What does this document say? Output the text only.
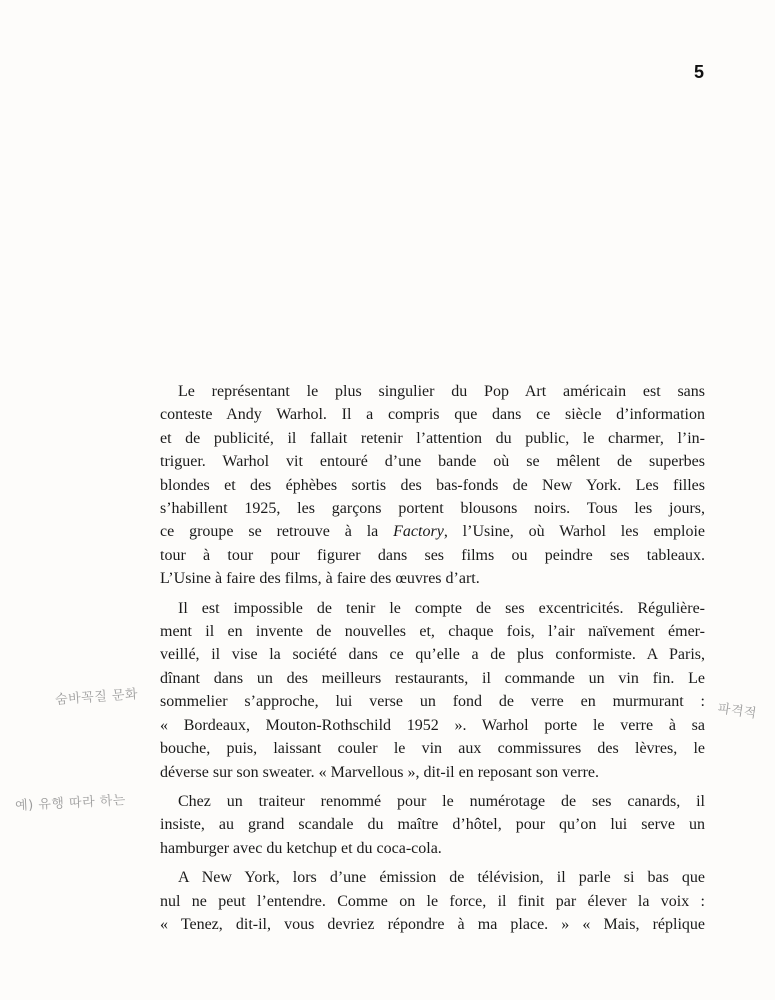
5
Le représentant le plus singulier du Pop Art américain est sans
conteste Andy Warhol. Il a compris que dans ce siècle d’information
et de publicité, il fallait retenir l’attention du public, le charmer, l’in-
triguer. Warhol vit entouré d’une bande où se mêlent de superbes
blondes et des éphèbes sortis des bas-fonds de New York. Les filles
s’habillent 1925, les garçons portent blousons noirs. Tous les jours,
ce groupe se retrouve à la Factory, l’Usine, où Warhol les emploie
tour à tour pour figurer dans ses films ou peindre ses tableaux.
L’Usine à faire des films, à faire des œuvres d’art.
Il est impossible de tenir le compte de ses excentricités. Régulière-
ment il en invente de nouvelles et, chaque fois, l’air naïvement émer-
veillé, il vise la société dans ce qu’elle a de plus conformiste. A Paris,
dînant dans un des meilleurs restaurants, il commande un vin fin. Le
sommelier s’approche, lui verse un fond de verre en murmurant :
« Bordeaux, Mouton-Rothschild 1952 ». Warhol porte le verre à sa
bouche, puis, laissant couler le vin aux commissures des lèvres, le
déverse sur son sweater. « Marvellous », dit-il en reposant son verre.
Chez un traiteur renommé pour le numérotage de ses canards, il
insiste, au grand scandale du maître d’hôtel, pour qu’on lui serve un
hamburger avec du ketchup et du coca-cola.
A New York, lors d’une émission de télévision, il parle si bas que
nul ne peut l’entendre. Comme on le force, il finit par élever la voix :
« Tenez, dit-il, vous devriez répondre à ma place. » « Mais, réplique
숨바꼭질 문화
예) 유행 따라 하는
파격적
